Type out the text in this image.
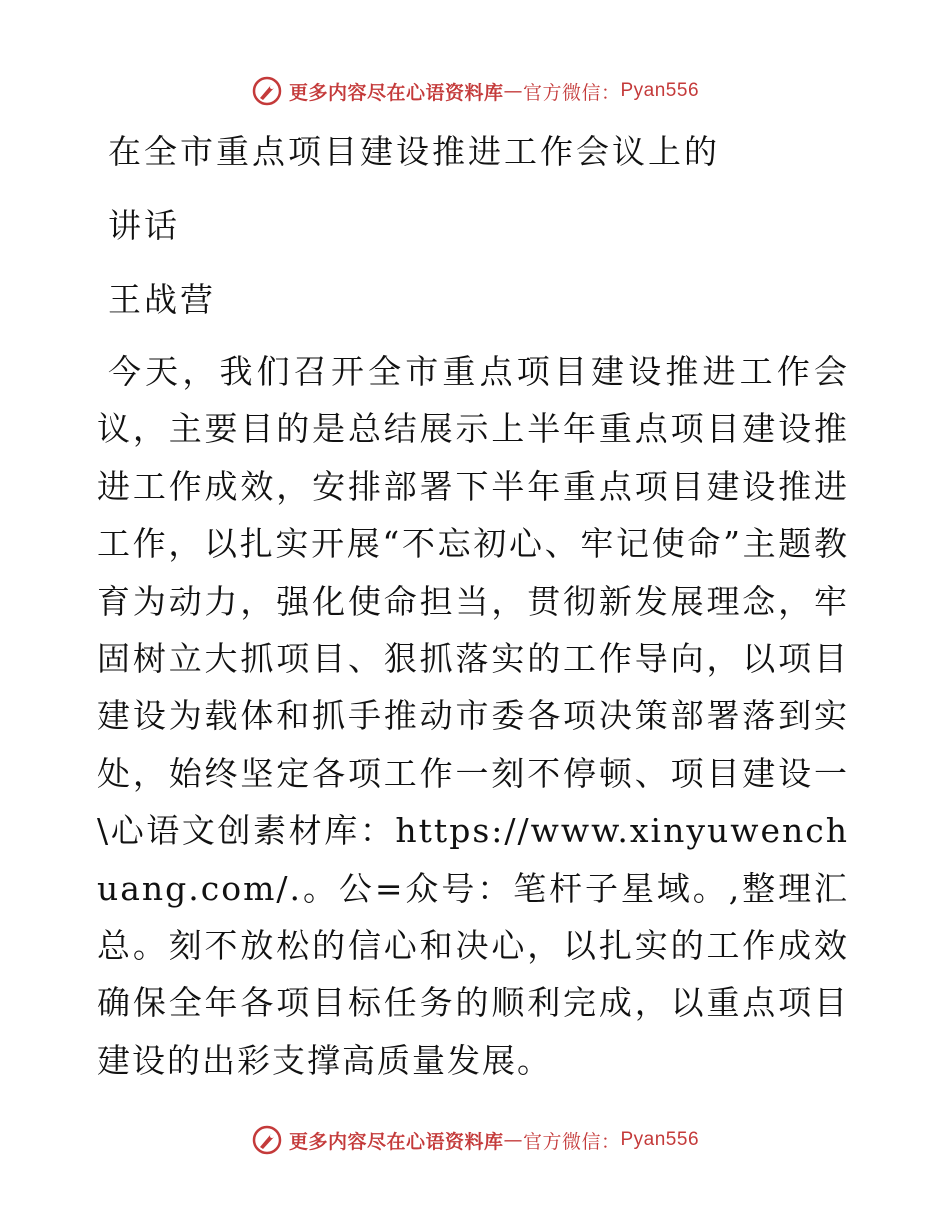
更多内容尽在心语资料库 — 官方微信： Pyan556
在全市重点项目建设推进工作会议上的
讲话
王战营
今天，我们召开全市重点项目建设推进工作会议，主要目的是总结展示上半年重点项目建设推进工作成效，安排部署下半年重点项目建设推进工作，以扎实开展“不忘初心、牢记使命”主题教育为动力，强化使命担当，贯彻新发展理念，牢固树立大抓项目、狠抓落实的工作导向，以项目建设为载体和抓手推动市委各项决策部署落到实处，始终坚定各项工作一刻不停顿、项目建设一\心语文创素材库：https://www.xinyuwenchuang.com/.。公=众号：笔杆子星域。,整理汇总。刻不放松的信心和决心，以扎实的工作成效确保全年各项目标任务的顺利完成，以重点项目建设的出彩支撑高质量发展。
更多内容尽在心语资料库 — 官方微信： Pyan556
